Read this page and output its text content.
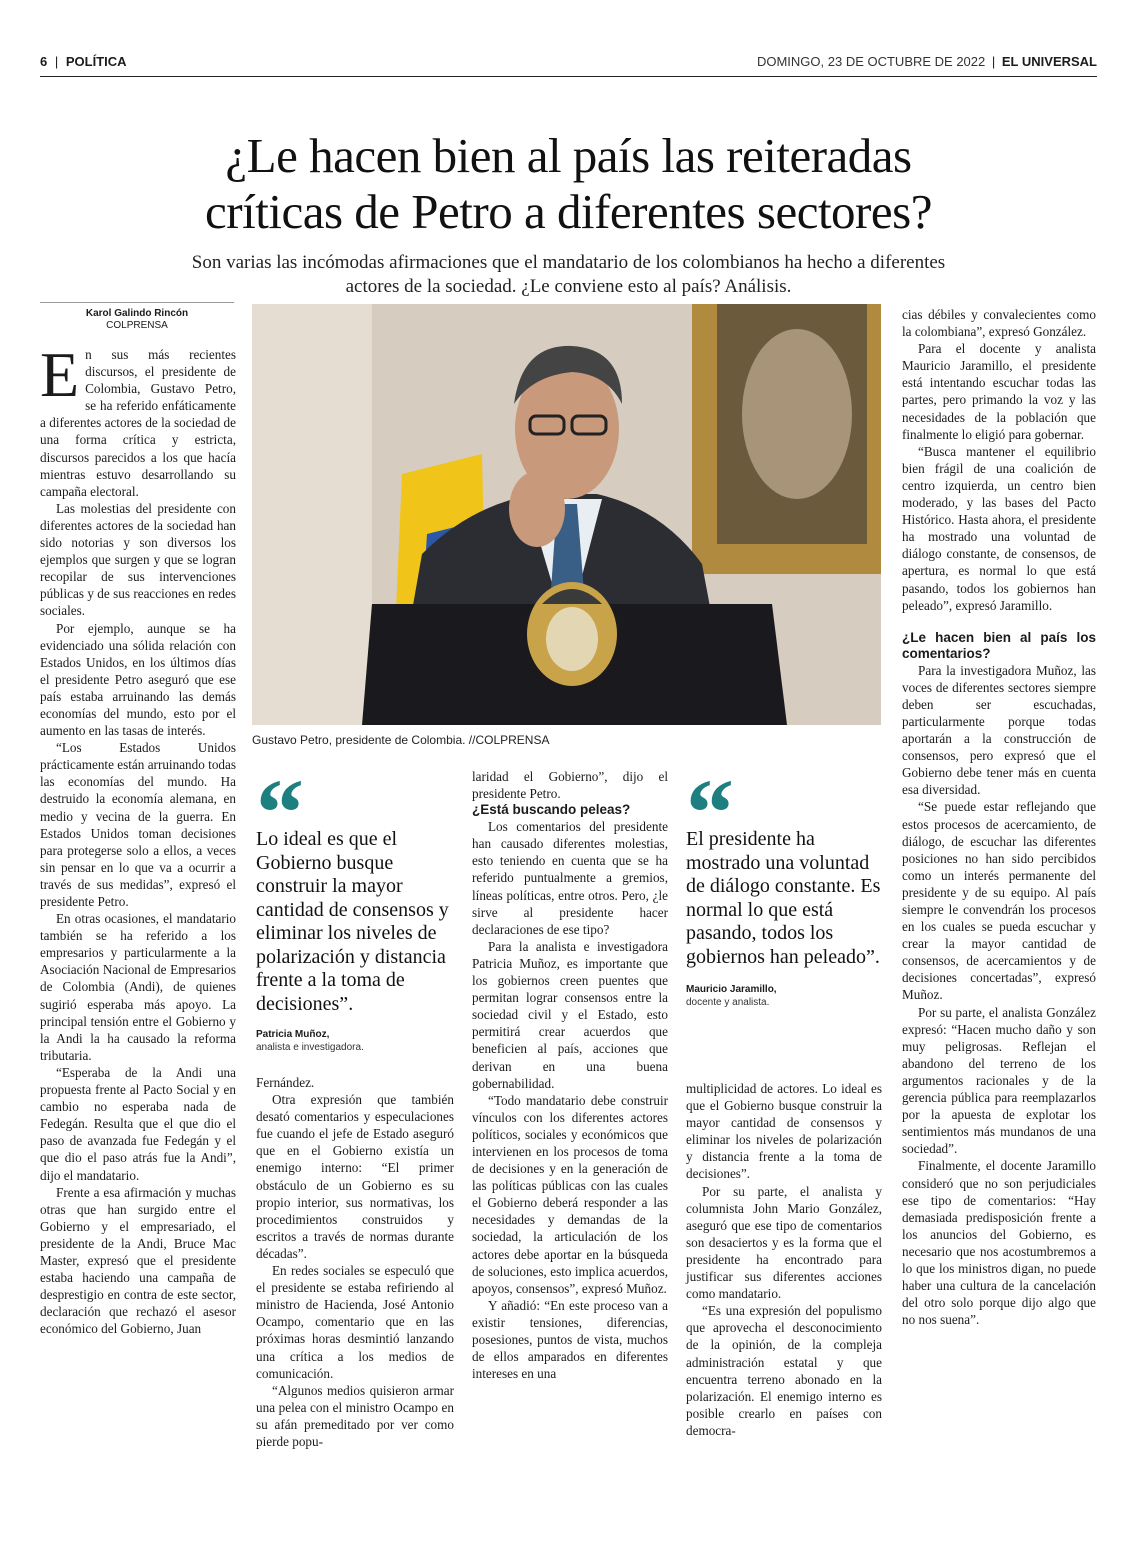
6 | POLÍTICA	DOMINGO, 23 DE OCTUBRE DE 2022 | EL UNIVERSAL
¿Le hacen bien al país las reiteradas
críticas de Petro a diferentes sectores?
Son varias las incómodas afirmaciones que el mandatario de los colombianos ha hecho a diferentes
actores de la sociedad. ¿Le conviene esto al país? Análisis.
Karol Galindo Rincón
COLPRENSA

En sus más recientes discursos, el presidente de Colombia, Gustavo Petro, se ha referido enfáticamente a diferentes actores de la sociedad de una forma crítica y estricta, discursos parecidos a los que hacía mientras estuvo desarrollando su campaña electoral.

Las molestias del presidente con diferentes actores de la sociedad han sido notorias y son diversos los ejemplos que surgen y que se logran recopilar de sus intervenciones públicas y de sus reacciones en redes sociales.

Por ejemplo, aunque se ha evidenciado una sólida relación con Estados Unidos, en los últimos días el presidente Petro aseguró que ese país estaba arruinando las demás economías del mundo, esto por el aumento en las tasas de interés.

“Los Estados Unidos prácticamente están arruinando todas las economías del mundo. Ha destruido la economía alemana, en medio y vecina de la guerra. En Estados Unidos toman decisiones para protegerse solo a ellos, a veces sin pensar en lo que va a ocurrir a través de sus medidas”, expresó el presidente Petro.

En otras ocasiones, el mandatario también se ha referido a los empresarios y particularmente a la Asociación Nacional de Empresarios de Colombia (Andi), de quienes sugirió esperaba más apoyo. La principal tensión entre el Gobierno y la Andi la ha causado la reforma tributaria.

“Esperaba de la Andi una propuesta frente al Pacto Social y en cambio no esperaba nada de Fedegán. Resulta que el que dio el paso de avanzada fue Fedegán y el que dio el paso atrás fue la Andi”, dijo el mandatario.

Frente a esa afirmación y muchas otras que han surgido entre el Gobierno y el empresariado, el presidente de la Andi, Bruce Mac Master, expresó que el presidente estaba haciendo una campaña de desprestigio en contra de este sector, declaración que rechazó el asesor económico del Gobierno, Juan

Gustavo Petro, presidente de Colombia. //COLPRENSA
Lo ideal es que el Gobierno busque construir la mayor cantidad de consensos y eliminar los niveles de polarización y distancia frente a la toma de decisiones”.
Patricia Muñoz,
analista e investigadora.

Fernández.

Otra expresión que también desató comentarios y especulaciones fue cuando el jefe de Estado aseguró que en el Gobierno existía un enemigo interno: “El primer obstáculo de un Gobierno es su propio interior, sus normativas, los procedimientos construidos y escritos a través de normas durante décadas”.

En redes sociales se especuló que el presidente se estaba refiriendo al ministro de Hacienda, José Antonio Ocampo, comentario que en las próximas horas desmintió lanzando una crítica a los medios de comunicación.

“Algunos medios quisieron armar una pelea con el ministro Ocampo en su afán premeditado por ver como pierde popu-

laridad el Gobierno”, dijo el presidente Petro.

¿Está buscando peleas?

Los comentarios del presidente han causado diferentes molestias, esto teniendo en cuenta que se ha referido puntualmente a gremios, líneas políticas, entre otros. Pero, ¿le sirve al presidente hacer declaraciones de ese tipo?

Para la analista e investigadora Patricia Muñoz, es importante que los gobiernos creen puentes que permitan lograr consensos entre la sociedad civil y el Estado, esto permitirá crear acuerdos que beneficien al país, acciones que derivan en una buena gobernabilidad.

“Todo mandatario debe construir vínculos con los diferentes actores políticos, sociales y económicos que intervienen en los procesos de toma de decisiones y en la generación de las políticas públicas con las cuales el Gobierno deberá responder a las necesidades y demandas de la sociedad, la articulación de los actores debe aportar en la búsqueda de soluciones, esto implica acuerdos, apoyos, consensos”, expresó Muñoz.

Y añadió: “En este proceso van a existir tensiones, diferencias, posesiones, puntos de vista, muchos de ellos amparados en diferentes intereses en una

El presidente ha mostrado una voluntad de diálogo constante. Es normal lo que está pasando, todos los gobiernos han peleado”.
Mauricio Jaramillo,
docente y analista.

multiplicidad de actores. Lo ideal es que el Gobierno busque construir la mayor cantidad de consensos y eliminar los niveles de polarización y distancia frente a la toma de decisiones”.

Por su parte, el analista y columnista John Mario González, aseguró que ese tipo de comentarios son desaciertos y es la forma que el presidente ha encontrado para justificar sus diferentes acciones como mandatario.

“Es una expresión del populismo que aprovecha el desconocimiento de la opinión, de la compleja administración estatal y que encuentra terreno abonado en la polarización. El enemigo interno es posible crearlo en países con democra-

cias débiles y convalecientes como la colombiana”, expresó González.

Para el docente y analista Mauricio Jaramillo, el presidente está intentando escuchar todas las partes, pero primando la voz y las necesidades de la población que finalmente lo eligió para gobernar.

“Busca mantener el equilibrio bien frágil de una coalición de centro izquierda, un centro bien moderado, y las bases del Pacto Histórico. Hasta ahora, el presidente ha mostrado una voluntad de diálogo constante, de consensos, de apertura, es normal lo que está pasando, todos los gobiernos han peleado”, expresó Jaramillo.

¿Le hacen bien al país los comentarios?

Para la investigadora Muñoz, las voces de diferentes sectores siempre deben ser escuchadas, particularmente porque todas aportarán a la construcción de consensos, pero expresó que el Gobierno debe tener más en cuenta esa diversidad.

“Se puede estar reflejando que estos procesos de acercamiento, de diálogo, de escuchar las diferentes posiciones no han sido percibidos como un interés permanente del presidente y de su equipo. Al país siempre le convendrán los procesos en los cuales se pueda escuchar y crear la mayor cantidad de consensos, de acercamientos y de decisiones concertadas”, expresó Muñoz.

Por su parte, el analista González expresó: “Hacen mucho daño y son muy peligrosas. Reflejan el abandono del terreno de los argumentos racionales y de la gerencia pública para reemplazarlos por la apuesta de explotar los sentimientos más mundanos de una sociedad”.

Finalmente, el docente Jaramillo consideró que no son perjudiciales ese tipo de comentarios: “Hay demasiada predisposición frente a los anuncios del Gobierno, es necesario que nos acostumbremos a lo que los ministros digan, no puede haber una cultura de la cancelación del otro solo porque dijo algo que no nos suena”.
